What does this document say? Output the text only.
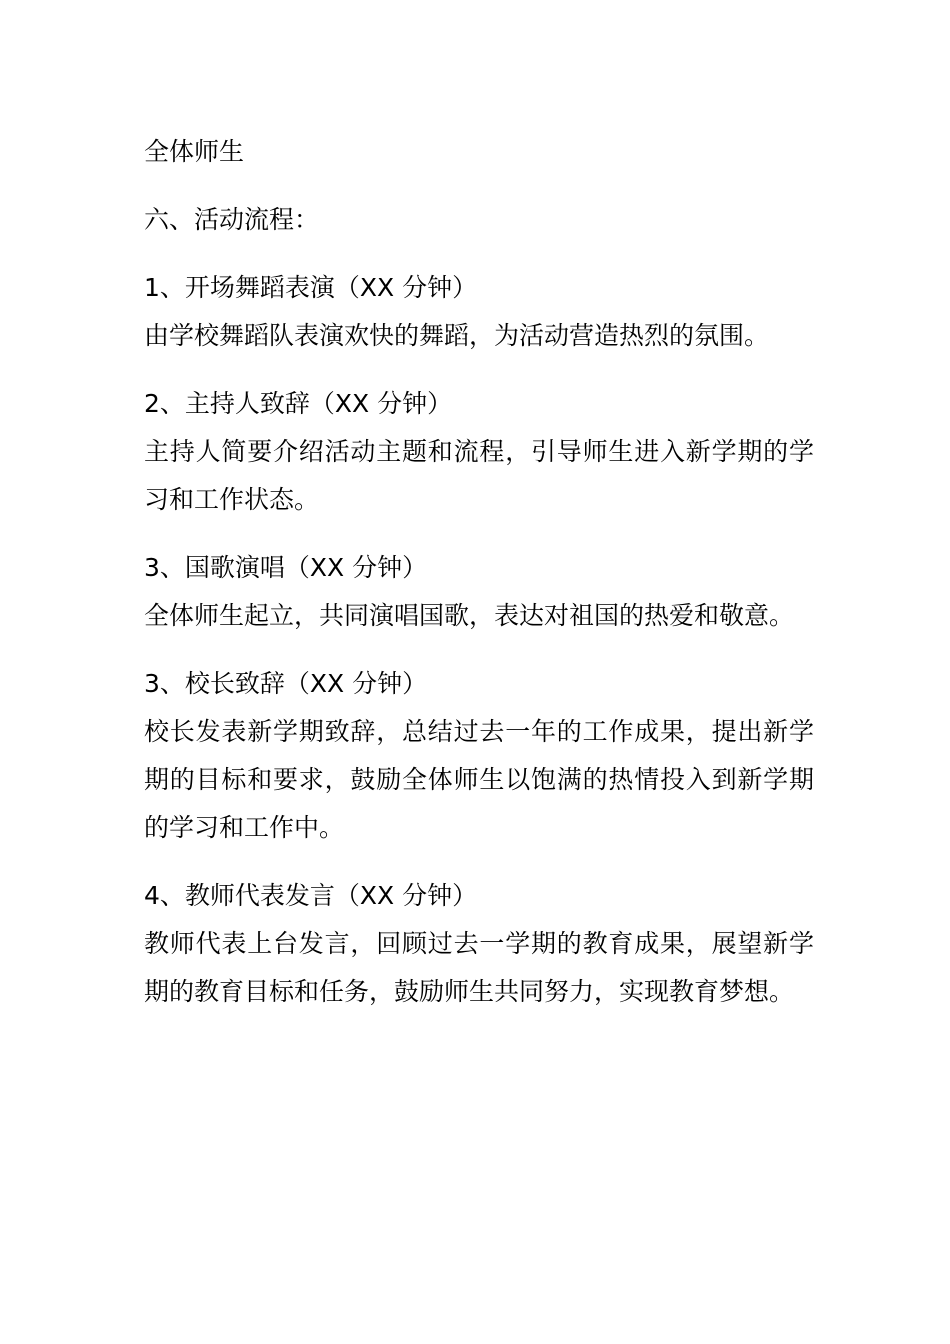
全体师生

六、活动流程：

1、开场舞蹈表演（XX 分钟）

由学校舞蹈队表演欢快的舞蹈，为活动营造热烈的氛围。

2、主持人致辞（XX 分钟）

主持人简要介绍活动主题和流程，引导师生进入新学期的学习和工作状态。

3、国歌演唱（XX 分钟）

全体师生起立，共同演唱国歌，表达对祖国的热爱和敬意。

3、校长致辞（XX 分钟）

校长发表新学期致辞，总结过去一年的工作成果，提出新学期的目标和要求，鼓励全体师生以饱满的热情投入到新学期的学习和工作中。

4、教师代表发言（XX 分钟）

教师代表上台发言，回顾过去一学期的教育成果，展望新学期的教育目标和任务，鼓励师生共同努力，实现教育梦想。
